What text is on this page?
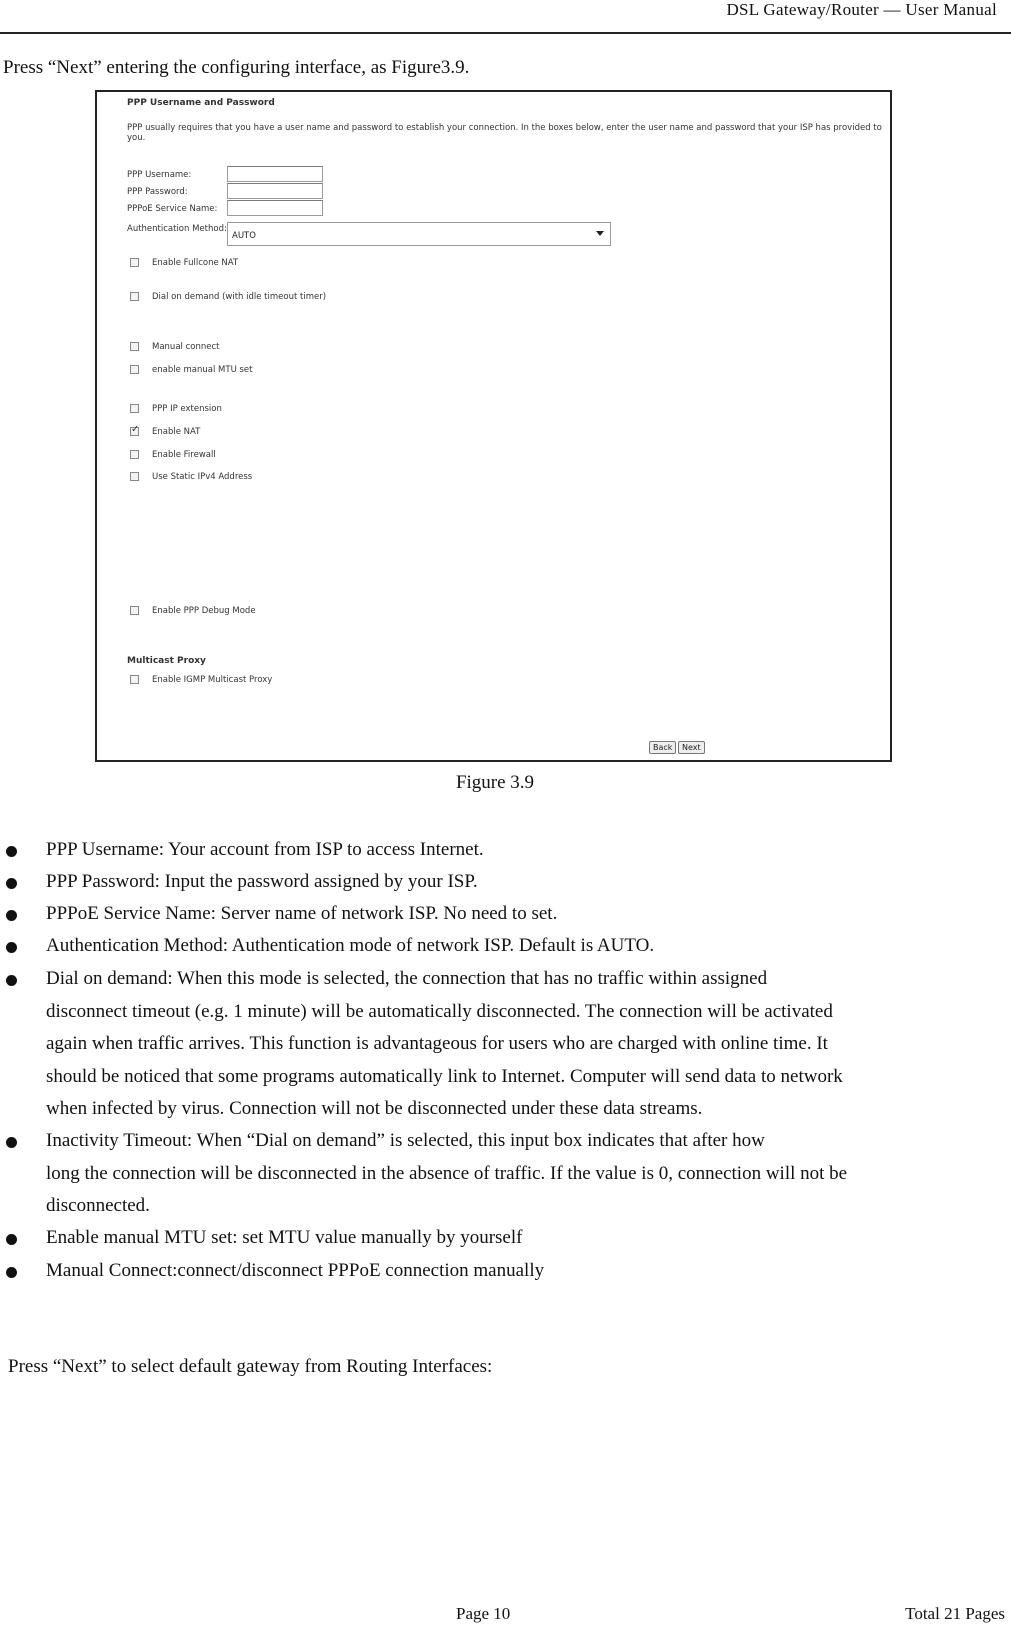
DSL Gateway/Router — User Manual
Press “Next” entering the configuring interface, as Figure3.9.
PPP Username and Password
PPP usually requires that you have a user name and password to establish your connection. In the boxes below, enter the user name and password that your ISP has provided to you.
PPP Username:
PPP Password:
PPPoE Service Name:
Authentication Method:
AUTO
Enable Fullcone NAT
Dial on demand (with idle timeout timer)
Manual connect
enable manual MTU set
PPP IP extension
✓
Enable NAT
Enable Firewall
Use Static IPv4 Address
Enable PPP Debug Mode
Multicast Proxy
Enable IGMP Multicast Proxy
Back	Next
Figure 3.9
PPP Username: Your account from ISP to access Internet.
PPP Password: Input the password assigned by your ISP.
PPPoE Service Name: Server name of network ISP. No need to set.
Authentication Method: Authentication mode of network ISP. Default is AUTO.
Dial on demand: When this mode is selected, the connection that has no traffic within assigned
disconnect timeout (e.g. 1 minute) will be automatically disconnected. The connection will be activated
again when traffic arrives. This function is advantageous for users who are charged with online time. It
should be noticed that some programs automatically link to Internet. Computer will send data to network
when infected by virus. Connection will not be disconnected under these data streams.
Inactivity Timeout: When “Dial on demand” is selected, this input box indicates that after how
long the connection will be disconnected in the absence of traffic. If the value is 0, connection will not be
disconnected.
Enable manual MTU set: set MTU value manually by yourself
Manual Connect:connect/disconnect PPPoE connection manually
Press “Next” to select default gateway from Routing Interfaces:
Page 10	Total 21 Pages
